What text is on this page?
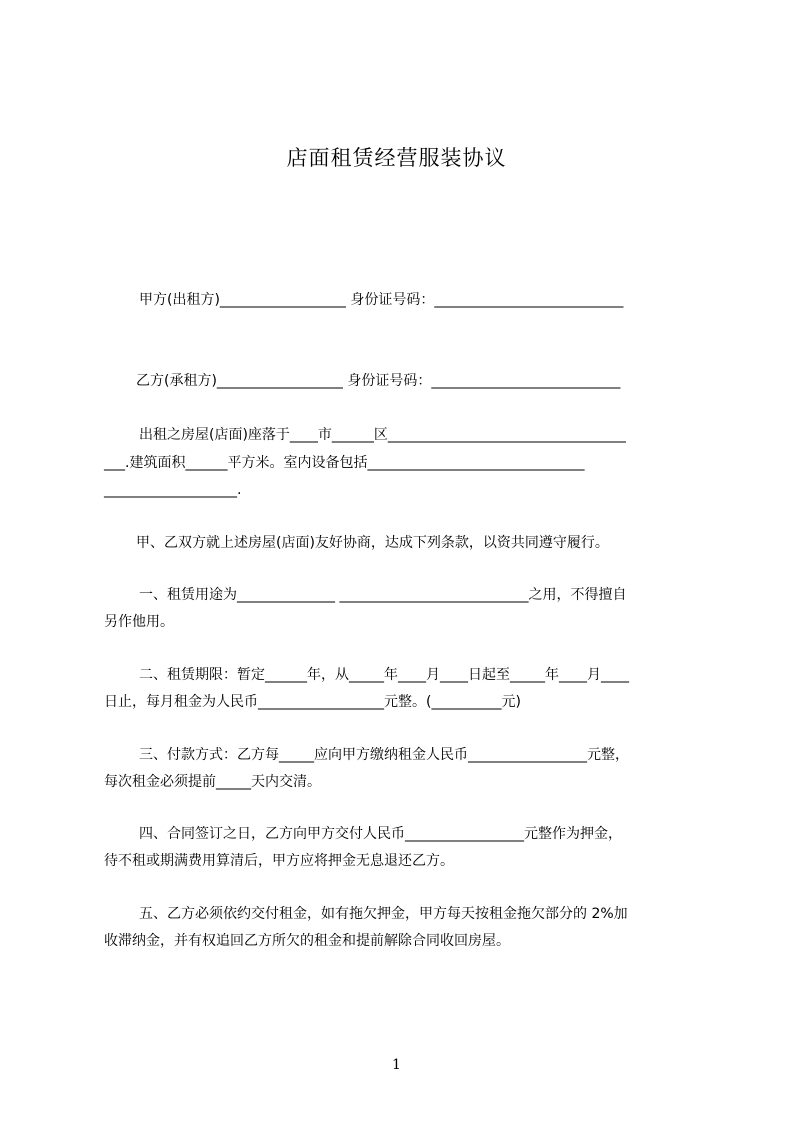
店面租赁经营服装协议
甲方(出租方)__________________ 身份证号码：___________________________
乙方(承租方)__________________ 身份证号码：___________________________
出租之房屋(店面)座落于____市______区__________________________________
___.建筑面积______平方米。室内设备包括_______________________________
___________________.
甲、乙双方就上述房屋(店面)友好协商，达成下列条款，以资共同遵守履行。
一、租赁用途为______________ ___________________________之用，不得擅自
另作他用。
二、租赁期限：暂定______年，从_____年____月____日起至_____年____月____
日止，每月租金为人民币__________________元整。(__________元)
三、付款方式：乙方每_____应向甲方缴纳租金人民币_________________元整，
每次租金必须提前_____天内交清。
四、合同签订之日，乙方向甲方交付人民币_________________元整作为押金，
待不租或期满费用算清后，甲方应将押金无息退还乙方。
五、乙方必须依约交付租金，如有拖欠押金，甲方每天按租金拖欠部分的 2%加
收滞纳金，并有权追回乙方所欠的租金和提前解除合同收回房屋。
1
